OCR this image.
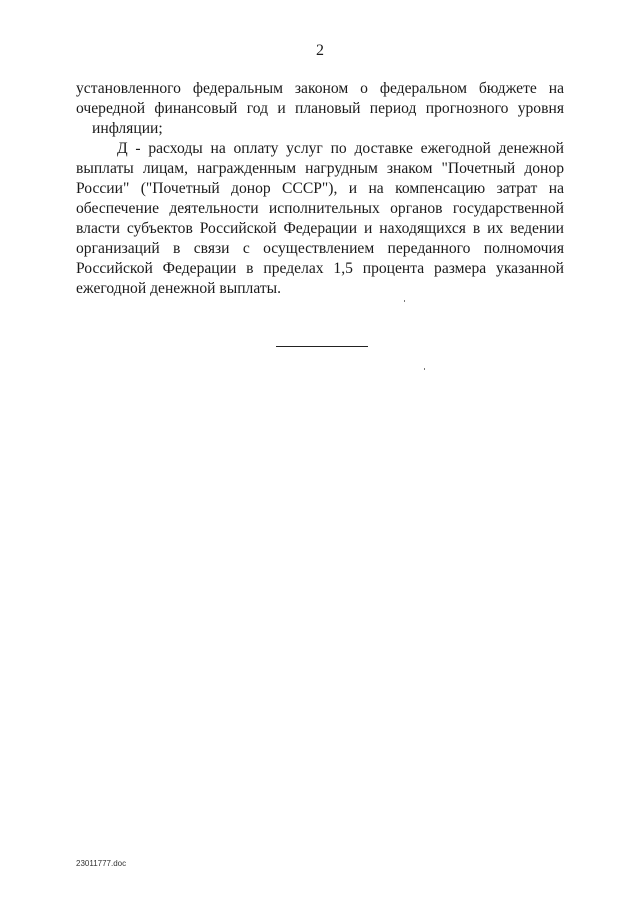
2
установленного федеральным законом о федеральном бюджете на
очередной финансовый год и плановый период прогнозного уровня
инфляции;
Д - расходы на оплату услуг по доставке ежегодной денежной
выплаты лицам, награжденным нагрудным знаком "Почетный донор
России" ("Почетный донор СССР"), и на компенсацию затрат на
обеспечение деятельности исполнительных органов государственной
власти субъектов Российской Федерации и находящихся в их ведении
организаций в связи с осуществлением переданного полномочия
Российской Федерации в пределах 1,5 процента размера указанной
ежегодной денежной выплаты.
23011777.doc
